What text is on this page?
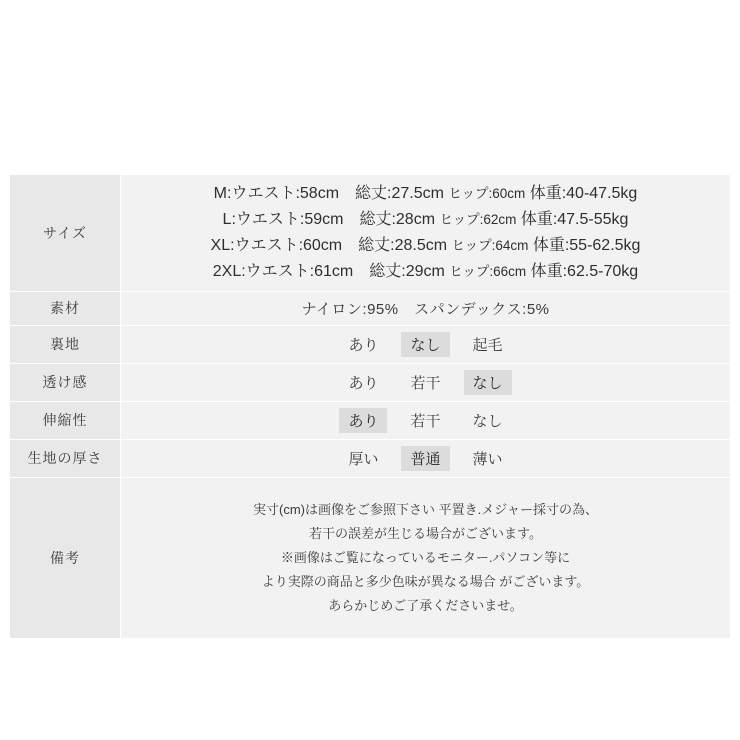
サイズ	M:ウエスト:58cm　総丈:27.5cm ヒップ:60cm 体重:40-47.5kg
L:ウエスト:59cm　総丈:28cm ヒップ:62cm 体重:47.5-55kg
XL:ウエスト:60cm　総丈:28.5cm ヒップ:64cm 体重:55-62.5kg
2XL:ウエスト:61cm　総丈:29cm ヒップ:66cm 体重:62.5-70kg

素材	ナイロン:95%　スパンデックス:5%
裏地	あり なし 起毛

透け感	あり 若干 なし

伸縮性	あり 若干 なし

生地の厚さ	厚い 普通 薄い

備考	実寸(cm)は画像をご参照下さい 平置き.メジャー採寸の為、
若干の誤差が生じる場合がございます。
※画像はご覧になっているモニター.パソコン等に
より実際の商品と多少色味が異なる場合 がございます。
あらかじめご了承くださいませ。
